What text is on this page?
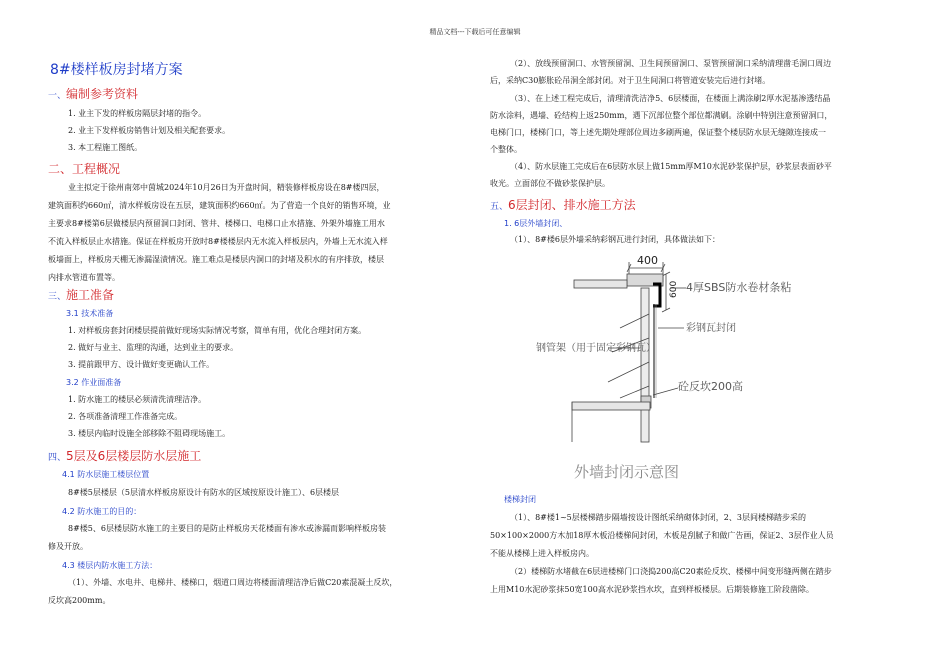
精品文档---下载后可任意编辑
8#楼样板房封堵方案
一、编制参考资料
1. 业主下发的样板房隔层封堵的指令。
2. 业主下发样板房销售计划及相关配套要求。
3. 本工程施工图纸。
二、工程概况
业主拟定于徐州南郊中茵城2024年10月26日为开盘时间，精装修样板房设在8#楼四层，
建筑面积约660㎡，清水样板房设在五层，建筑面积约660㎡。为了营造一个良好的销售环境，业
主要求8#楼第6层做楼层内预留洞口封闭、管井、楼梯口、电梯口止水措施、外架外墙施工用水
不流入样板层止水措施。保证在样板房开放时8#楼楼层内无水流入样板层内，外墙上无水流入样
板墙面上，样板房天棚无渗漏湿渍情况。施工难点是楼层内洞口的封堵及积水的有序排放，楼层
内排水管道布置等。
三、施工准备
3.1 技术准备
1. 对样板房套封闭楼层提前做好现场实际情况考察，简单有用，优化合理封闭方案。
2. 做好与业主、监理的沟通，达到业主的要求。
3. 提前跟甲方、设计做好变更确认工作。
3.2 作业面准备
1. 防水施工的楼层必须清洗清理洁净。
2. 各项准备清理工作准备完成。
3. 楼层内临时设施全部移除不阻碍现场施工。
四、5层及6层楼层防水层施工
4.1 防水层施工楼层位置
8#楼5层楼层（5层清水样板房原设计有防水的区域按原设计施工）、6层楼层
4.2 防水施工的目的：
8#楼5、6层楼层防水施工的主要目的是防止样板房天花楼面有渗水或渗漏而影响样板房装
修及开放。
4.3 楼层内防水施工方法：
（1）、外墙、水电井、电梯井、楼梯口，烟道口周边将楼面清理洁净后做C20素混凝土反坎，
反坎高200mm。
（2）、放线预留洞口、水管预留洞、卫生间预留洞口、泵管预留洞口采纳清理凿毛洞口周边
后，采纳C30膨胀砼吊洞全部封闭。对于卫生间洞口将管道安装完后进行封堵。
（3）、在上述工程完成后，清理清洗洁净5、6层楼面，在楼面上满涂刷2厚水泥基渗透结晶
防水涂料，遇墙、砼结构上返250mm，遇下沉部位整个部位都满刷。涂刷中特别注意预留洞口，
电梯门口，楼梯门口，等上述先期处理部位周边多刷两遍，保证整个楼层防水层无缝隙连接成一
个整体。
（4）、防水层施工完成后在6层防水层上做15mm厚M10水泥砂浆保护层，砂浆层表面砂平
收光。立面部位不做砂浆保护层。
五、6层封闭、排水施工方法
1. 6层外墙封闭、
（1）、8#楼6层外墙采纳彩钢瓦进行封闭，具体做法如下：
400
600 4厚SBS防水卷材条粘
彩钢瓦封闭
钢管架（用于固定彩钢瓦）
砼反坎200高
外墙封闭示意图
楼梯封闭
（1）、8#楼1~5层楼梯踏步隔墙按设计图纸采纳砌体封闭，2、3层间楼梯踏步采的
50×100×2000方木加18厚木板沿楼梯间封闭，木板是刮腻子和做广告画，保证2、3层作业人员
不能从楼梯上进入样板房内。
（2）楼梯防水堵截在6层进楼梯门口浇捣200高C20素砼反坎、楼梯中间变形缝两侧在踏步
上用M10水泥砂浆抹50宽100高水泥砂浆挡水坎，直到样板楼层。后期装修施工阶段凿除。
